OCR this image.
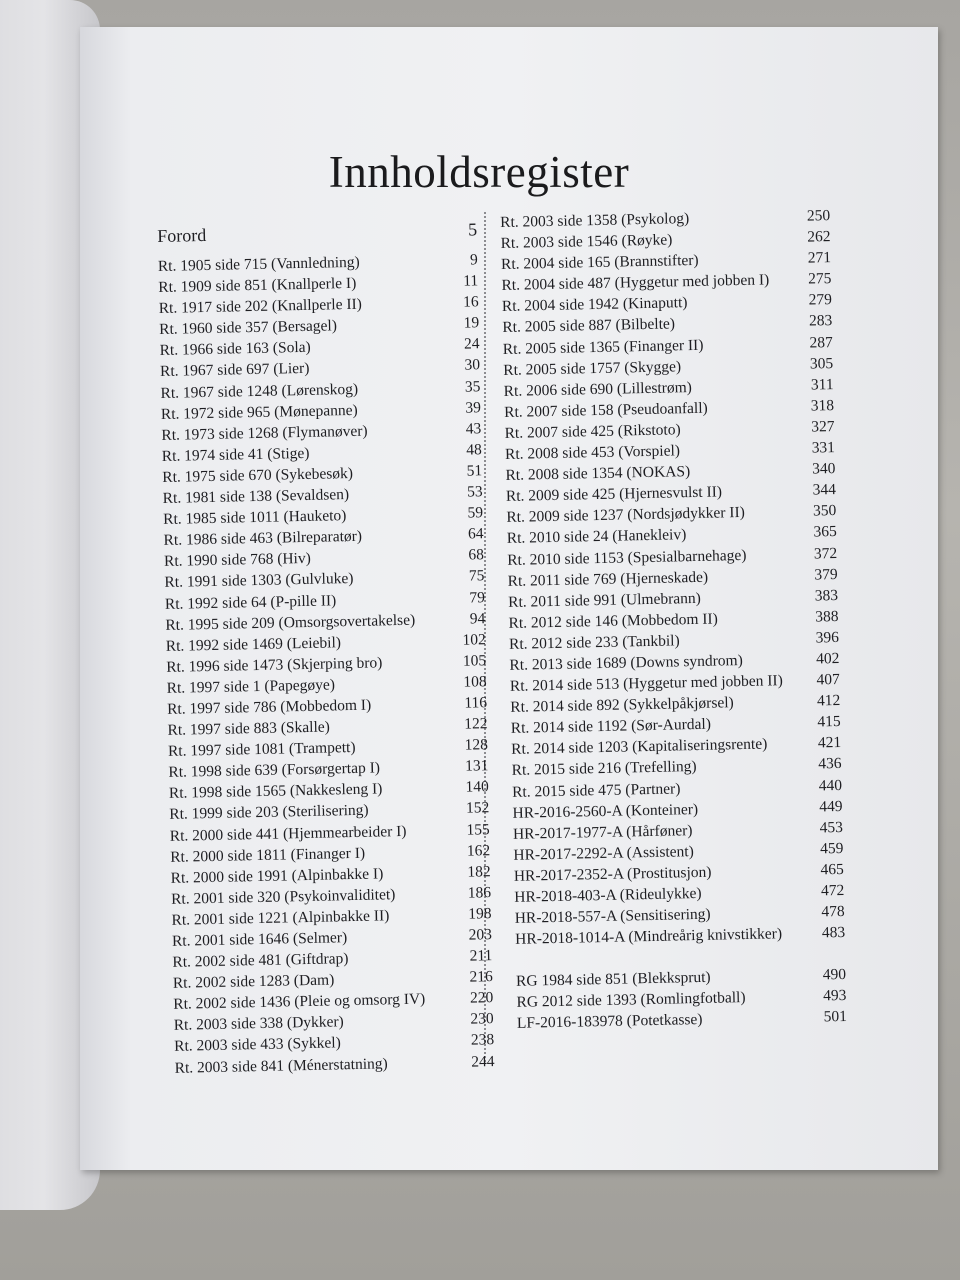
Innholdsregister
Forord	5
Rt. 1905 side 715 (Vannledning)	9
Rt. 1909 side 851 (Knallperle I)	11
Rt. 1917 side 202 (Knallperle II)	16
Rt. 1960 side 357 (Bersagel)	19
Rt. 1966 side 163 (Sola)	24
Rt. 1967 side 697 (Lier)	30
Rt. 1967 side 1248 (Lørenskog)	35
Rt. 1972 side 965 (Mønepanne)	39
Rt. 1973 side 1268 (Flymanøver)	43
Rt. 1974 side 41 (Stige)	48
Rt. 1975 side 670 (Sykebesøk)	51
Rt. 1981 side 138 (Sevaldsen)	53
Rt. 1985 side 1011 (Hauketo)	59
Rt. 1986 side 463 (Bilreparatør)	64
Rt. 1990 side 768 (Hiv)	68
Rt. 1991 side 1303 (Gulvluke)	75
Rt. 1992 side 64 (P-pille II)	79
Rt. 1995 side 209 (Omsorgsovertakelse)	94
Rt. 1992 side 1469 (Leiebil)	102
Rt. 1996 side 1473 (Skjerping bro)	105
Rt. 1997 side 1 (Papegøye)	108
Rt. 1997 side 786 (Mobbedom I)	116
Rt. 1997 side 883 (Skalle)	122
Rt. 1997 side 1081 (Trampett)	128
Rt. 1998 side 639 (Forsørgertap I)	131
Rt. 1998 side 1565 (Nakkesleng I)	140
Rt. 1999 side 203 (Sterilisering)	152
Rt. 2000 side 441 (Hjemmearbeider I)	155
Rt. 2000 side 1811 (Finanger I)	162
Rt. 2000 side 1991 (Alpinbakke I)	182
Rt. 2001 side 320 (Psykoinvaliditet)	186
Rt. 2001 side 1221 (Alpinbakke II)	198
Rt. 2001 side 1646 (Selmer)	203
Rt. 2002 side 481 (Giftdrap)	211
Rt. 2002 side 1283 (Dam)	216
Rt. 2002 side 1436 (Pleie og omsorg IV)	220
Rt. 2003 side 338 (Dykker)	230
Rt. 2003 side 433 (Sykkel)	238
Rt. 2003 side 841 (Ménerstatning)	244
Rt. 2003 side 1358 (Psykolog)	250
Rt. 2003 side 1546 (Røyke)	262
Rt. 2004 side 165 (Brannstifter)	271
Rt. 2004 side 487 (Hyggetur med jobben I)	275
Rt. 2004 side 1942 (Kinaputt)	279
Rt. 2005 side 887 (Bilbelte)	283
Rt. 2005 side 1365 (Finanger II)	287
Rt. 2005 side 1757 (Skygge)	305
Rt. 2006 side 690 (Lillestrøm)	311
Rt. 2007 side 158 (Pseudoanfall)	318
Rt. 2007 side 425 (Rikstoto)	327
Rt. 2008 side 453 (Vorspiel)	331
Rt. 2008 side 1354 (NOKAS)	340
Rt. 2009 side 425 (Hjernesvulst II)	344
Rt. 2009 side 1237 (Nordsjødykker II)	350
Rt. 2010 side 24 (Hanekleiv)	365
Rt. 2010 side 1153 (Spesialbarnehage)	372
Rt. 2011 side 769 (Hjerneskade)	379
Rt. 2011 side 991 (Ulmebrann)	383
Rt. 2012 side 146 (Mobbedom II)	388
Rt. 2012 side 233 (Tankbil)	396
Rt. 2013 side 1689 (Downs syndrom)	402
Rt. 2014 side 513 (Hyggetur med jobben II)	407
Rt. 2014 side 892 (Sykkelpåkjørsel)	412
Rt. 2014 side 1192 (Sør-Aurdal)	415
Rt. 2014 side 1203 (Kapitaliseringsrente)	421
Rt. 2015 side 216 (Trefelling)	436
Rt. 2015 side 475 (Partner)	440
HR-2016-2560-A (Konteiner)	449
HR-2017-1977-A (Hårføner)	453
HR-2017-2292-A (Assistent)	459
HR-2017-2352-A (Prostitusjon)	465
HR-2018-403-A (Rideulykke)	472
HR-2018-557-A (Sensitisering)	478
HR-2018-1014-A (Mindreårig knivstikker)	483
RG 1984 side 851 (Blekksprut)	490
RG 2012 side 1393 (Romlingfotball)	493
LF-2016-183978 (Potetkasse)	501
